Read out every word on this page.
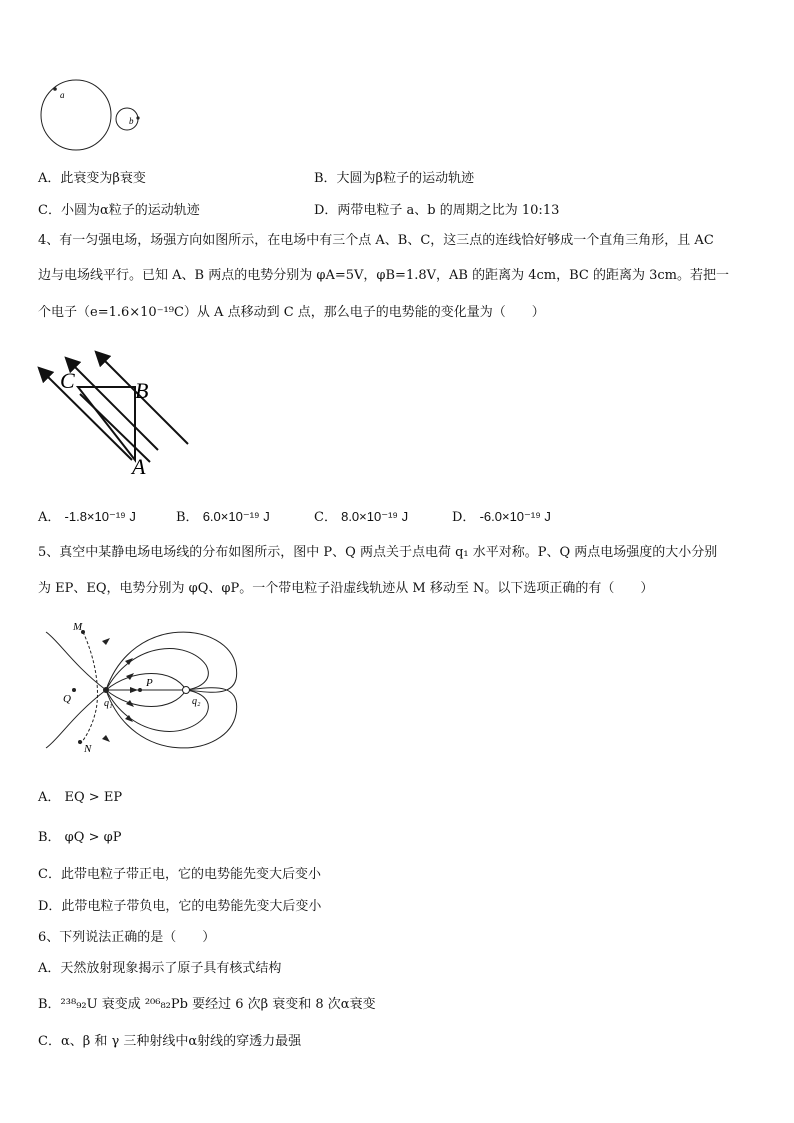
a
b
A．此衰变为β衰变	B．大圆为β粒子的运动轨迹
C．小圆为α粒子的运动轨迹	D．两带电粒子 a、b 的周期之比为 10:13
4、有一匀强电场，场强方向如图所示，在电场中有三个点 A、B、C，这三点的连线恰好够成一个直角三角形，且 AC
边与电场线平行。已知 A、B 两点的电势分别为 φA=5V，φB=1.8V，AB 的距离为 4cm，BC 的距离为 3cm。若把一
个电子（e=1.6×10⁻¹⁹C）从 A 点移动到 C 点，那么电子的电势能的变化量为（　　）
C	B
A
A． -1.8×10⁻¹⁹ J	B． 6.0×10⁻¹⁹ J	C． 8.0×10⁻¹⁹ J	D． -6.0×10⁻¹⁹ J
5、真空中某静电场电场线的分布如图所示，图中 P、Q 两点关于点电荷 q₁ 水平对称。P、Q 两点电场强度的大小分别
为 EP、EQ，电势分别为 φQ、φP。一个带电粒子沿虚线轨迹从 M 移动至 N。以下选项正确的有（　　）
M
Q
P
q₁	q₂
N
A． EQ > EP
B． φQ > φP
C．此带电粒子带正电，它的电势能先变大后变小
D．此带电粒子带负电，它的电势能先变大后变小
6、下列说法正确的是（　　）
A．天然放射现象揭示了原子具有核式结构
B．²³⁸₉₂U 衰变成 ²⁰⁶₈₂Pb 要经过 6 次β 衰变和 8 次α衰变
C．α、β 和 γ 三种射线中α射线的穿透力最强
